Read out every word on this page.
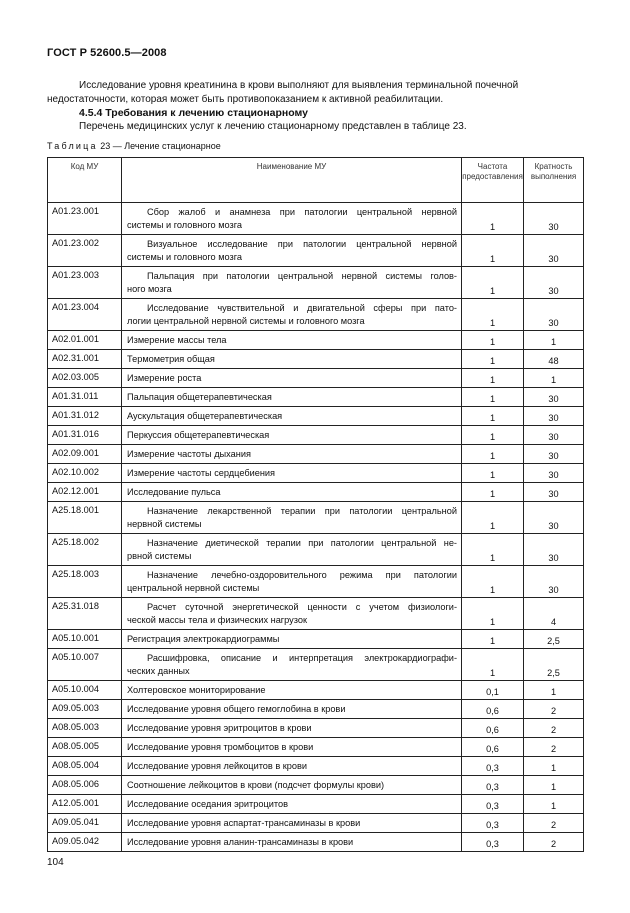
ГОСТ Р 52600.5—2008
Исследование уровня креатинина в крови выполняют для выявления терминальной почечной недостаточности, которая может быть противопоказанием к активной реабилитации.
4.5.4 Требования к лечению стационарному
Перечень медицинских услуг к лечению стационарному представлен в таблице 23.
Таблица 23 — Лечение стационарное
Код МУ	Наименование МУ	Частота предоставления	Кратность выполнения
A01.23.001	Сбор жалоб и анамнеза при патологии центральной нервной
системы и головного мозга	1	30
A01.23.002	Визуальное исследование при патологии центральной нервной
системы и головного мозга	1	30
A01.23.003	Пальпация при патологии центральной нервной системы голов-
ного мозга	1	30
A01.23.004	Исследование чувствительной и двигательной сферы при пато-
логии центральной нервной системы и головного мозга	1	30
A02.01.001	Измерение массы тела	1	1
A02.31.001	Термометрия общая	1	48
A02.03.005	Измерение роста	1	1
A01.31.011	Пальпация общетерапевтическая	1	30
A01.31.012	Аускультация общетерапевтическая	1	30
A01.31.016	Перкуссия общетерапевтическая	1	30
A02.09.001	Измерение частоты дыхания	1	30
A02.10.002	Измерение частоты сердцебиения	1	30
A02.12.001	Исследование пульса	1	30
A25.18.001	Назначение лекарственной терапии при патологии центральной
нервной системы	1	30
A25.18.002	Назначение диетической терапии при патологии центральной не-
рвной системы	1	30
A25.18.003	Назначение лечебно-оздоровительного режима при патологии
центральной нервной системы	1	30
A25.31.018	Расчет суточной энергетической ценности с учетом физиологи-
ческой массы тела и физических нагрузок	1	4
A05.10.001	Регистрация электрокардиограммы	1	2,5
A05.10.007	Расшифровка, описание и интерпретация электрокардиографи-
ческих данных	1	2,5
A05.10.004	Холтеровское мониторирование	0,1	1
A09.05.003	Исследование уровня общего гемоглобина в крови	0,6	2
A08.05.003	Исследование уровня эритроцитов в крови	0,6	2
A08.05.005	Исследование уровня тромбоцитов в крови	0,6	2
A08.05.004	Исследование уровня лейкоцитов в крови	0,3	1
A08.05.006	Соотношение лейкоцитов в крови (подсчет формулы крови)	0,3	1
A12.05.001	Исследование оседания эритроцитов	0,3	1
A09.05.041	Исследование уровня аспартат-трансаминазы в крови	0,3	2
A09.05.042	Исследование уровня аланин-трансаминазы в крови	0,3	2
104
